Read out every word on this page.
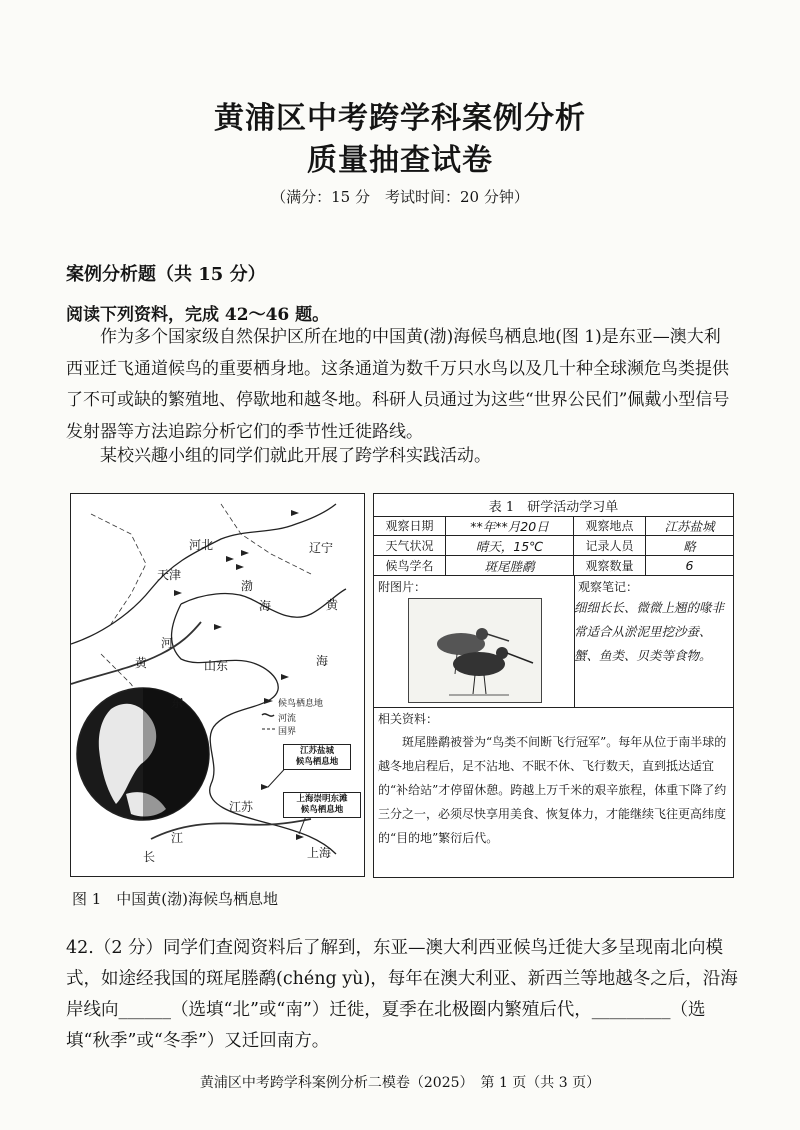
黄浦区中考跨学科案例分析
质量抽查试卷
（满分：15 分　考试时间：20 分钟）
案例分析题（共 15 分）
阅读下列资料，完成 42～46 题。
　　作为多个国家级自然保护区所在地的中国黄(渤)海候鸟栖息地(图 1)是东亚—澳大利西亚迁飞通道候鸟的重要栖身地。这条通道为数千万只水鸟以及几十种全球濒危鸟类提供了不可或缺的繁殖地、停歇地和越冬地。科研人员通过为这些“世界公民们”佩戴小型信号发射器等方法追踪分析它们的季节性迁徙路线。
　　某校兴趣小组的同学们就此开展了跨学科实践活动。
河北	辽宁
天津
渤
海	黄
河
黄	山东	海
东
江苏
江
长	上海
候鸟栖息地
河流
国界
江苏盐城
候鸟栖息地
上海崇明东滩
候鸟栖息地
图 1　中国黄(渤)海候鸟栖息地
表 1　研学活动学习单
观察日期	**年**月20日	观察地点	江苏盐城
天气状况	晴天，15℃	记录人员	略
候鸟学名	斑尾塍鹬	观察数量	6
附图片：	观察笔记：
细细长长、微微上翘的喙非常适合从淤泥里挖沙蚕、蟹、鱼类、贝类等食物。
相关资料：
　　斑尾塍鹬被誉为“鸟类不间断飞行冠军”。每年从位于南半球的越冬地启程后，足不沾地、不眠不休、飞行数天，直到抵达适宜的“补给站”才停留休憩。跨越上万千米的艰辛旅程，体重下降了约三分之一，必须尽快享用美食、恢复体力，才能继续飞往更高纬度的“目的地”繁衍后代。
42.（2 分）同学们查阅资料后了解到，东亚—澳大利西亚候鸟迁徙大多呈现南北向模式，如途经我国的斑尾塍鹬(chéng yù)，每年在澳大利亚、新西兰等地越冬之后，沿海岸线向______（选填“北”或“南”）迁徙，夏季在北极圈内繁殖后代，_________（选填“秋季”或“冬季”）又迁回南方。
黄浦区中考跨学科案例分析二模卷（2025）　第 1 页（共 3 页）
